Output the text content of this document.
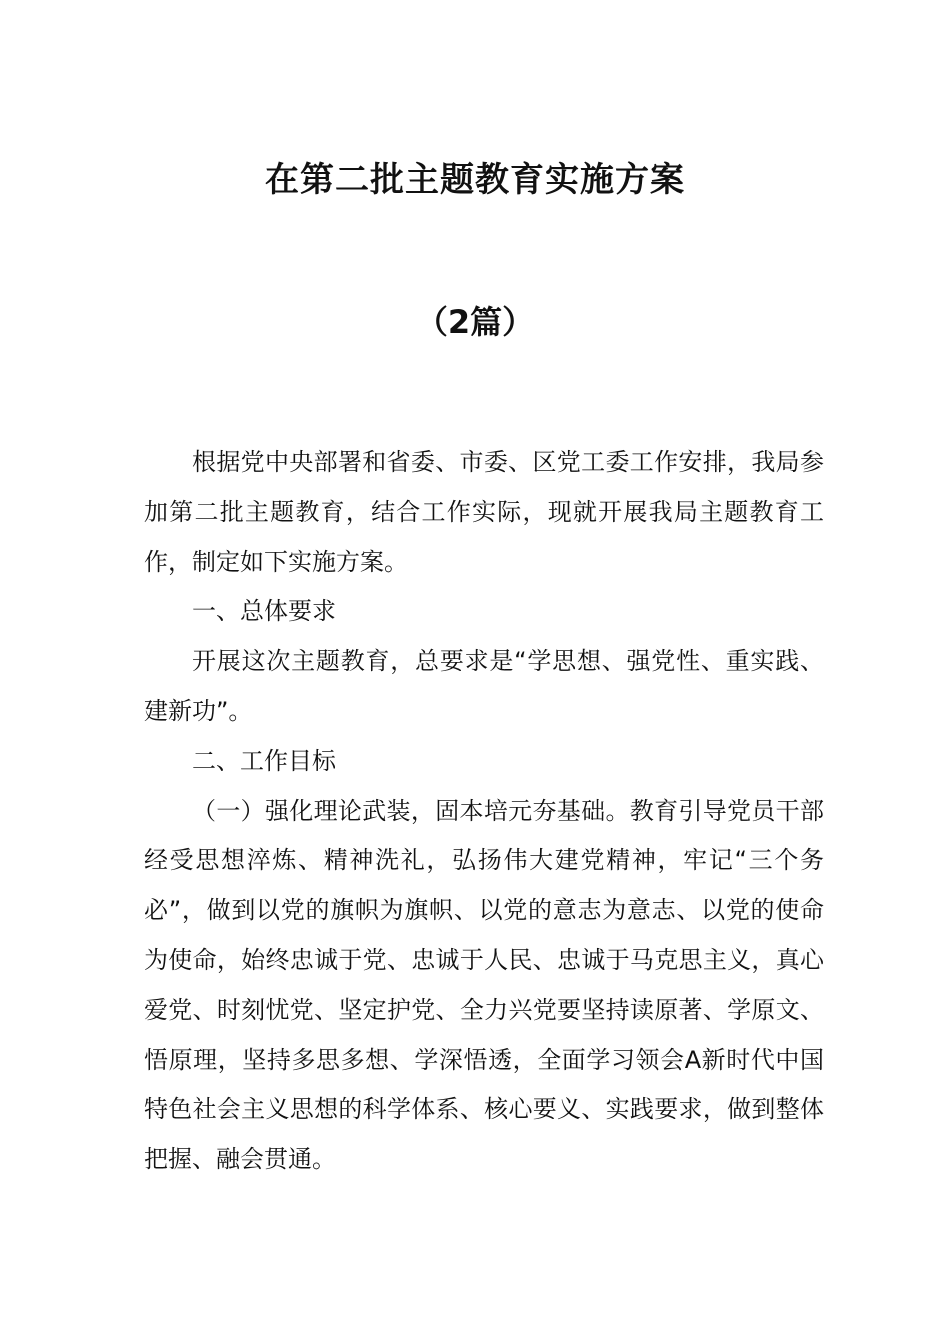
在第二批主题教育实施方案
（2篇）

根据党中央部署和省委、市委、区党工委工作安排，我局参加第二批主题教育，结合工作实际，现就开展我局主题教育工作，制定如下实施方案。

一、总体要求

开展这次主题教育，总要求是“学思想、强党性、重实践、建新功”。

二、工作目标

（一）强化理论武装，固本培元夯基础。教育引导党员干部经受思想淬炼、精神洗礼，弘扬伟大建党精神，牢记“三个务必”，做到以党的旗帜为旗帜、以党的意志为意志、以党的使命为使命，始终忠诚于党、忠诚于人民、忠诚于马克思主义，真心爱党、时刻忧党、坚定护党、全力兴党要坚持读原著、学原文、悟原理，坚持多思多想、学深悟透，全面学习领会A新时代中国特色社会主义思想的科学体系、核心要义、实践要求，做到整体把握、融会贯通。
